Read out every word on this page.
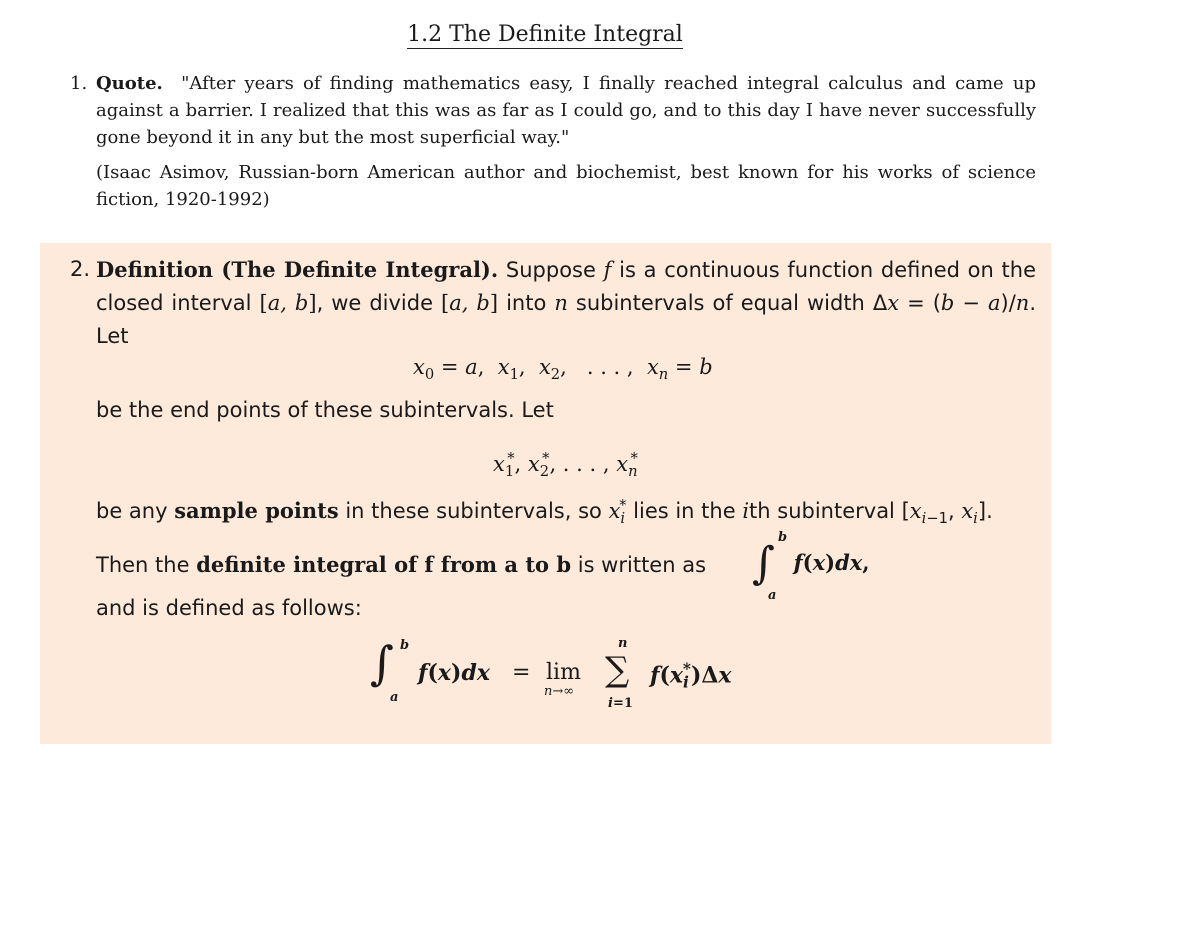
1.2 The Definite Integral
1. Quote. "After years of finding mathematics easy, I finally reached integral calculus and came up against a barrier. I realized that this was as far as I could go, and to this day I have never successfully gone beyond it in any but the most superficial way."

(Isaac Asimov, Russian-born American author and biochemist, best known for his works of science fiction, 1920-1992)

2. Definition (The Definite Integral). Suppose f is a continuous function defined on the closed interval [a, b], we divide [a, b] into n subintervals of equal width Δx = (b − a)/n. Let
$x_0 = a$,  $x_1$,  $x_2$,   . . . ,  $x_n = b$
be the end points of these subintervals. Let
$x_1^*$, $x_2^*$, . . . , $x_n^*$
be any sample points in these subintervals, so $x_i^*$ lies in the ith subinterval [$x_{i-1}$, $x_i$].
Then the definite integral of f from a to b is written as ∫
b
a
f(x)dx,
and is defined as follows:
∫ b
a
f(x)dx = lim
n→∞
∑
n
i=1
$f(x_i^*)\Delta x$
